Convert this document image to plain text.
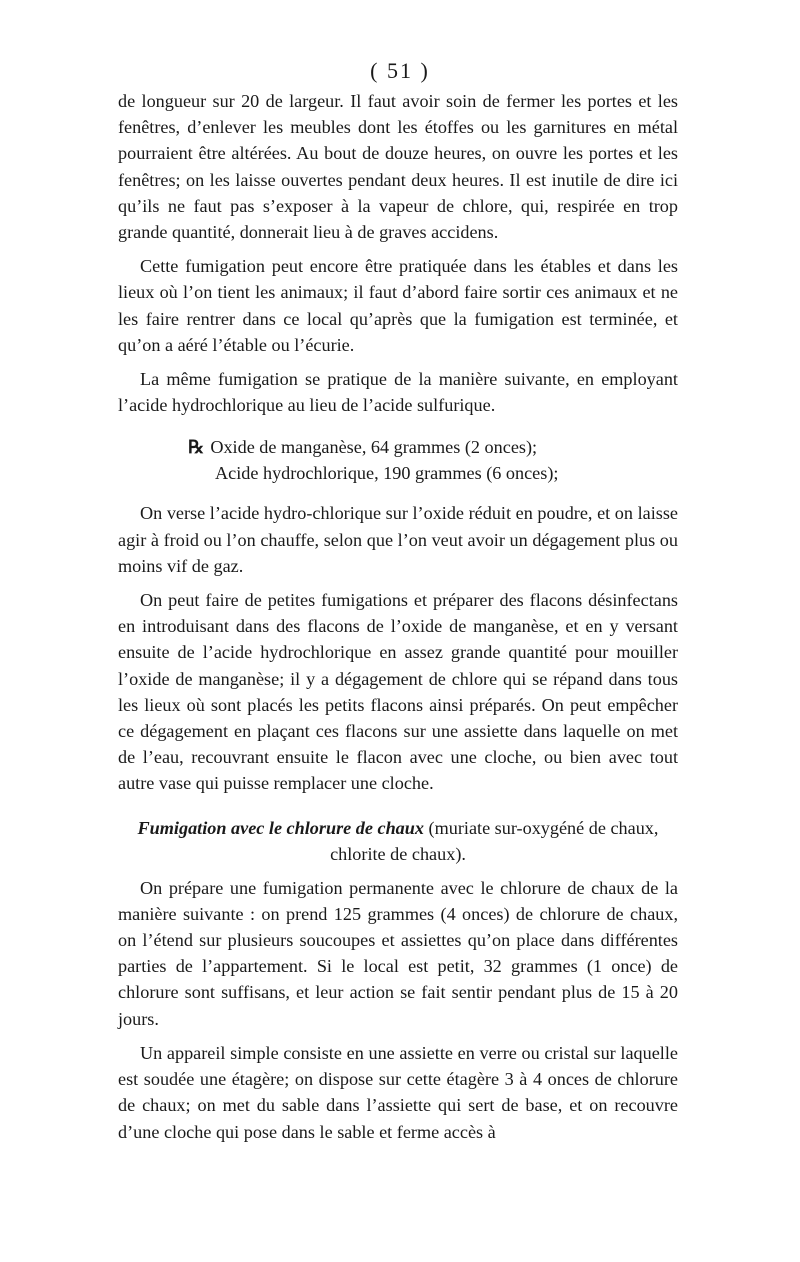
( 51 )

de longueur sur 20 de largeur. Il faut avoir soin de fermer les portes et les fenêtres, d’enlever les meubles dont les étoffes ou les garnitures en métal pourraient être altérées. Au bout de douze heures, on ouvre les portes et les fenêtres; on les laisse ouvertes pendant deux heures. Il est inutile de dire ici qu’ils ne faut pas s’exposer à la vapeur de chlore, qui, respirée en trop grande quantité, donnerait lieu à de graves accidens.

Cette fumigation peut encore être pratiquée dans les étables et dans les lieux où l’on tient les animaux; il faut d’abord faire sortir ces animaux et ne les faire rentrer dans ce local qu’après que la fumigation est terminée, et qu’on a aéré l’étable ou l’écurie.

La même fumigation se pratique de la manière suivante, en employant l’acide hydrochlorique au lieu de l’acide sulfurique.

℞ Oxide de manganèse, 64 grammes (2 onces);
Acide hydrochlorique, 190 grammes (6 onces);

On verse l’acide hydro-chlorique sur l’oxide réduit en poudre, et on laisse agir à froid ou l’on chauffe, selon que l’on veut avoir un dégagement plus ou moins vif de gaz.

On peut faire de petites fumigations et préparer des flacons désinfectans en introduisant dans des flacons de l’oxide de manganèse, et en y versant ensuite de l’acide hydrochlorique en assez grande quantité pour mouiller l’oxide de manganèse; il y a dégagement de chlore qui se répand dans tous les lieux où sont placés les petits flacons ainsi préparés. On peut empêcher ce dégagement en plaçant ces flacons sur une assiette dans laquelle on met de l’eau, recouvrant ensuite le flacon avec une cloche, ou bien avec tout autre vase qui puisse remplacer une cloche.

Fumigation avec le chlorure de chaux (muriate sur-oxygéné de chaux, chlorite de chaux).

On prépare une fumigation permanente avec le chlorure de chaux de la manière suivante : on prend 125 grammes (4 onces) de chlorure de chaux, on l’étend sur plusieurs soucoupes et assiettes qu’on place dans différentes parties de l’appartement. Si le local est petit, 32 grammes (1 once) de chlorure sont suffisans, et leur action se fait sentir pendant plus de 15 à 20 jours.

Un appareil simple consiste en une assiette en verre ou cristal sur laquelle est soudée une étagère; on dispose sur cette étagère 3 à 4 onces de chlorure de chaux; on met du sable dans l’assiette qui sert de base, et on recouvre d’une cloche qui pose dans le sable et ferme accès à
